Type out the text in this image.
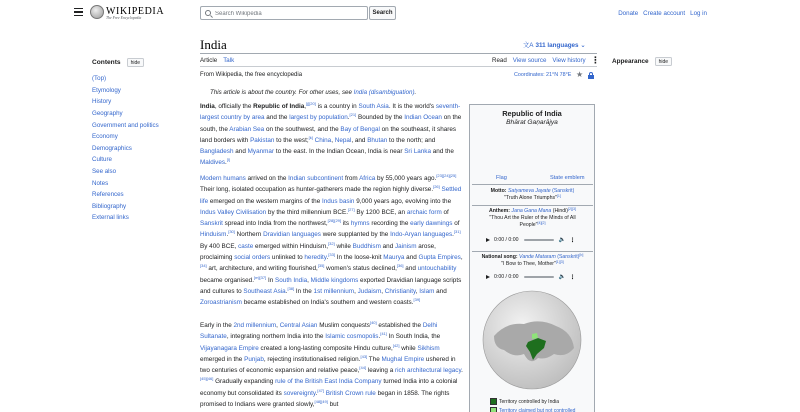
WIKIPEDIA
The Free Encyclopedia
Search Wikipedia
Search	Donate Create account Log in
Contents	hide
(Top)
Etymology
History
Geography
Government and politics
Economy
Demographics
Culture
See also
Notes
References
Bibliography
External links
India	文A 311 languages ⌄
Article Talk	Read View source View history ⋮
From Wikipedia, the free encyclopedia	Coordinates: 21°N 78°E ★
Appearance	hide
This article is about the country. For other uses, see India (disambiguation).
India, officially the Republic of India,[j][20] is a country in South Asia. It is the world's seventh-largest country by area and the largest by population.[21] Bounded by the Indian Ocean on the south, the Arabian Sea on the southwest, and the Bay of Bengal on the southeast, it shares land borders with Pakistan to the west;[k] China, Nepal, and Bhutan to the north; and Bangladesh and Myanmar to the east. In the Indian Ocean, India is near Sri Lanka and the Maldives.[l]
Modern humans arrived on the Indian subcontinent from Africa by 55,000 years ago.[23][24][25] Their long, isolated occupation as hunter-gatherers made the region highly diverse.[26] Settled life emerged on the western margins of the Indus basin 9,000 years ago, evolving into the Indus Valley Civilisation by the third millennium BCE.[27] By 1200 BCE, an archaic form of Sanskrit spread into India from the northwest,[28][29] its hymns recording the early dawnings of Hinduism.[30] Northern Dravidian languages were supplanted by the Indo-Aryan languages.[31] By 400 BCE, caste emerged within Hinduism,[32] while Buddhism and Jainism arose, proclaiming social orders unlinked to heredity.[33] In the loose-knit Maurya and Gupta Empires,[34] art, architecture, and writing flourished,[35] women's status declined,[36] and untouchability became organised.[m][37] In South India, Middle kingdoms exported Dravidian language scripts and cultures to Southeast Asia.[38] In the 1st millennium, Judaism, Christianity, Islam and Zoroastrianism became established on India's southern and western coasts.[39]
Early in the 2nd millennium, Central Asian Muslim conquests[40] established the Delhi Sultanate, integrating northern India into the Islamic cosmopolis.[41] In South India, the Vijayanagara Empire created a long-lasting composite Hindu culture,[42] while Sikhism emerged in the Punjab, rejecting institutionalised religion.[43] The Mughal Empire ushered in two centuries of economic expansion and relative peace,[44] leaving a rich architectural legacy.[45][46] Gradually expanding rule of the British East India Company turned India into a colonial economy but consolidated its sovereignty.[47] British Crown rule began in 1858. The rights promised to Indians were granted slowly,[48][49] but
Republic of India
Bhārat Gaṇarājya
Flag	State emblem
Motto: Satyameva Jayate (Sanskrit)
"Truth Alone Triumphs"[1]
Anthem: Jana Gana Mana (Hindi)[2][3]
"Thou Art the Ruler of the Minds of All People"[4][2]
0:00 / 0:00	🔈 ⋮
National song: Vande Mataram (Sanskrit)[b]
"I Bow to Thee, Mother"[1][3]
0:00 / 0:00	🔈 ⋮
Territory controlled by India
Territory claimed but not controlled
